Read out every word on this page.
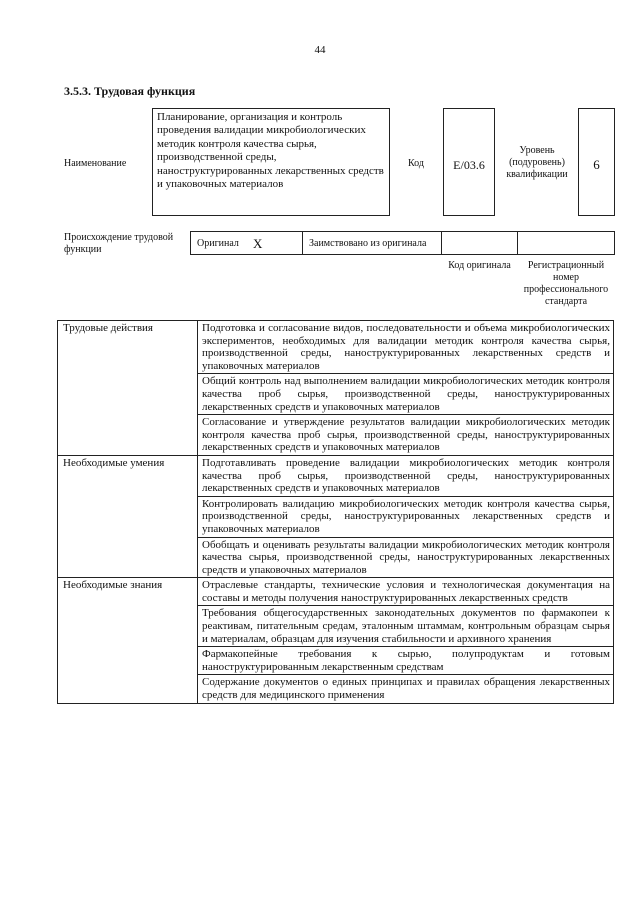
44
3.5.3. Трудовая функция
Наименование
Планирование, организация и контроль проведения валидации микробиологических методик контроля качества сырья, производственной среды, наноструктурированных лекарственных средств и упаковочных материалов
Код	E/03.6
Уровень (подуровень) квалификации
6
Происхождение трудовой функции
Оригинал X	Заимствовано из оригинала
Код оригинала	Регистрационный номер профессионального стандарта
Трудовые действия	Подготовка и согласование видов, последовательности и объема микробиологических экспериментов, необходимых для валидации методик контроля качества сырья, производственной среды, наноструктурированных лекарственных средств и упаковочных материалов
	Общий контроль над выполнением валидации микробиологических методик контроля качества проб сырья, производственной среды, наноструктурированных лекарственных средств и упаковочных материалов
	Согласование и утверждение результатов валидации микробиологических методик контроля качества проб сырья, производственной среды, наноструктурированных лекарственных средств и упаковочных материалов
Необходимые умения	Подготавливать проведение валидации микробиологических методик контроля качества проб сырья, производственной среды, наноструктурированных лекарственных средств и упаковочных материалов
	Контролировать валидацию микробиологических методик контроля качества сырья, производственной среды, наноструктурированных лекарственных средств и упаковочных материалов
	Обобщать и оценивать результаты валидации микробиологических методик контроля качества сырья, производственной среды, наноструктурированных лекарственных средств и упаковочных материалов
Необходимые знания	Отраслевые стандарты, технические условия и технологическая документация на составы и методы получения наноструктурированных лекарственных средств
	Требования общегосударственных законодательных документов по фармакопеи к реактивам, питательным средам, эталонным штаммам, контрольным образцам сырья и материалам, образцам для изучения стабильности и архивного хранения
	Фармакопейные требования к сырью, полупродуктам и готовым наноструктурированным лекарственным средствам
	Содержание документов о единых принципах и правилах обращения лекарственных средств для медицинского применения
